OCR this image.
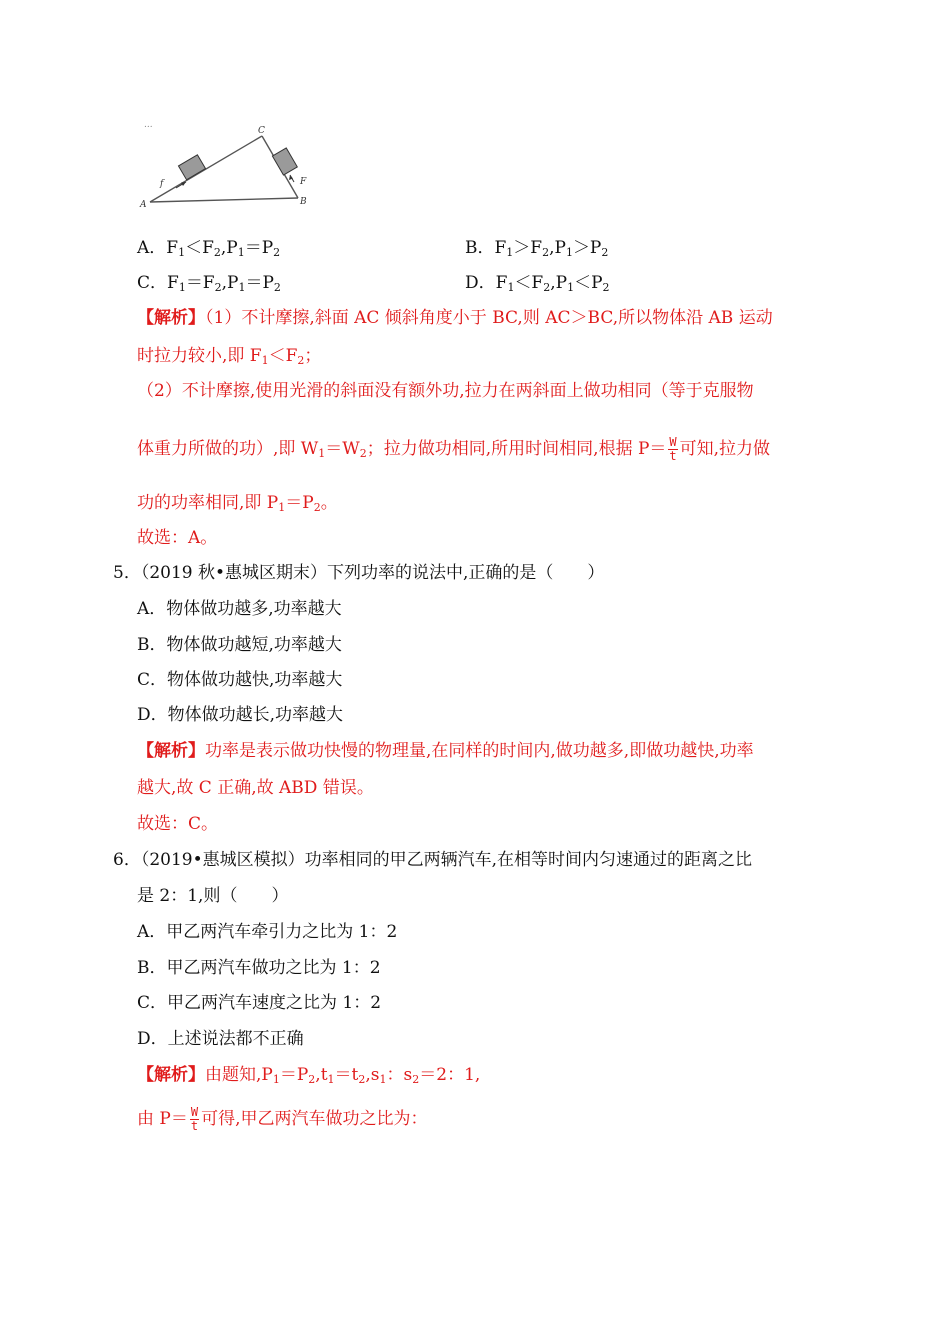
...
A	B
C
f	F
A．$F_1<F_2,P_1=P_2$	B．$F_1>F_2,P_1>P_2$
C．$F_1=F_2,P_1=P_2$	D．$F_1<F_2,P_1<P_2$
【解析】（1）不计摩擦,斜面 AC 倾斜角度小于 BC,则 AC＞BC,所以物体沿 AB 运动
时拉力较小,即 $F_1<F_2$；
（2）不计摩擦,使用光滑的斜面没有额外功,拉力在两斜面上做功相同（等于克服物
体重力所做的功）,即 $W_1=W_2$；拉力做功相同,所用时间相同,根据 $P= \frac{W}{t}$ 可知,拉力做
功的功率相同,即 $P_1=P_2$。
故选：A。
5．（2019 秋•惠城区期末）下列功率的说法中,正确的是（　　）
A．物体做功越多,功率越大
B．物体做功越短,功率越大
C．物体做功越快,功率越大
D．物体做功越长,功率越大
【解析】功率是表示做功快慢的物理量,在同样的时间内,做功越多,即做功越快,功率
越大,故 C 正确,故 ABD 错误。
故选：C。
6．（2019•惠城区模拟）功率相同的甲乙两辆汽车,在相等时间内匀速通过的距离之比
是 2：1,则（　　）
A．甲乙两汽车牵引力之比为 1：2
B．甲乙两汽车做功之比为 1：2
C．甲乙两汽车速度之比为 1：2
D．上述说法都不正确
【解析】由题知$,P_1=P_2,t_1=t_2,s_1$：$s_2=2$：1,
由 $P= \frac{W}{t}$ 可得,甲乙两汽车做功之比为：
